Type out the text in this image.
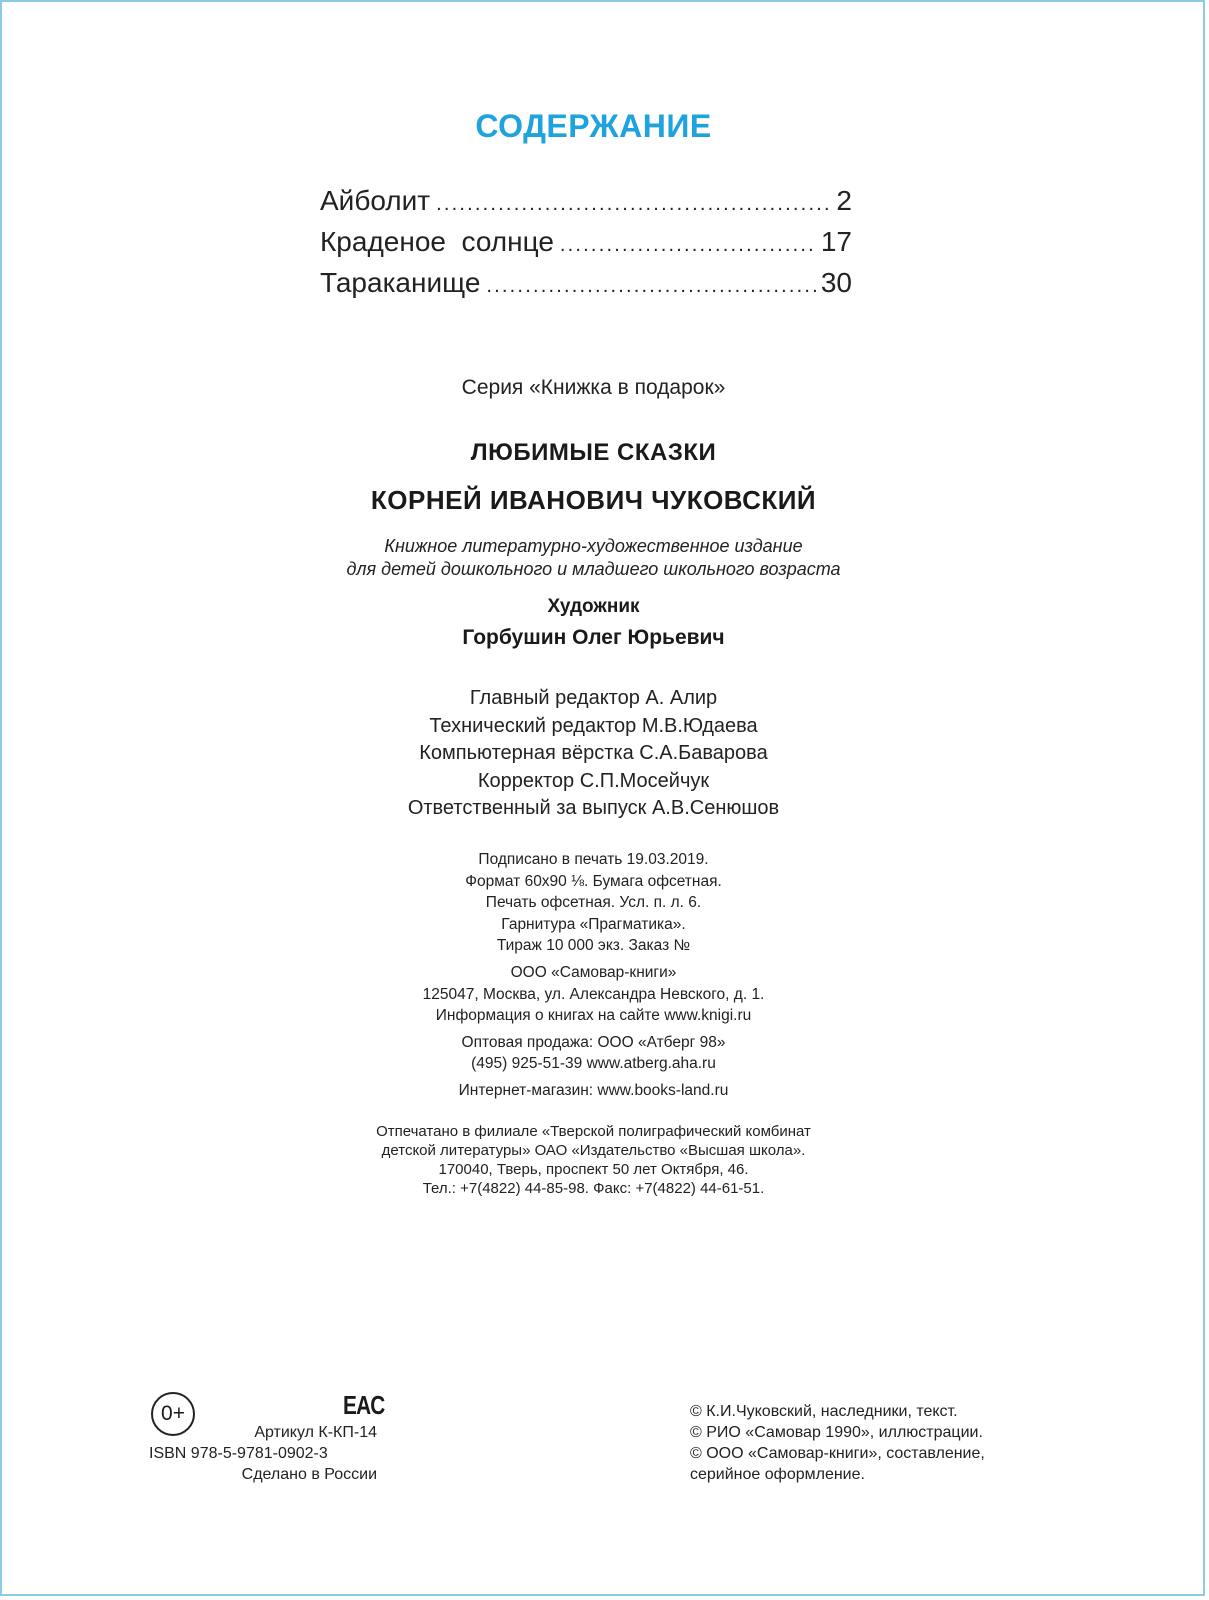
СОДЕРЖАНИЕ
Айболит .....	2
Краденое  солнце .....	17
Тараканище .....	30
Серия «Книжка в подарок»
ЛЮБИМЫЕ СКАЗКИ
КОРНЕЙ ИВАНОВИЧ ЧУКОВСКИЙ
Книжное литературно-художественное издание
для детей дошкольного и младшего школьного возраста
Художник
Горбушин Олег Юрьевич
Главный редактор А. Алир
Технический редактор М.В.Юдаева
Компьютерная вёрстка С.А.Баварова
Корректор С.П.Мосейчук
Ответственный за выпуск А.В.Сенюшов
Подписано в печать 19.03.2019.
Формат 60х90 ⅛. Бумага офсетная.
Печать офсетная. Усл. п. л. 6.
Гарнитура «Прагматика».
Тираж 10 000 экз. Заказ №
ООО «Самовар-книги»
125047, Москва, ул. Александра Невского, д. 1.
Информация о книгах на сайте www.knigi.ru
Оптовая продажа: ООО «Атберг 98»
(495) 925-51-39 www.atberg.aha.ru
Интернет-магазин: www.books-land.ru
Отпечатано в филиале «Тверской полиграфический комбинат
детской литературы» ОАО «Издательство «Высшая школа».
170040, Тверь, проспект 50 лет Октября, 46.
Тел.: +7(4822) 44-85-98. Факс: +7(4822) 44-61-51.
0+	EAC
Артикул К-КП-14
ISBN 978-5-9781-0902-3
Сделано в России
© К.И.Чуковский, наследники, текст.
© РИО «Самовар 1990», иллюстрации.
© ООО «Самовар-книги», составление,
серийное оформление.
